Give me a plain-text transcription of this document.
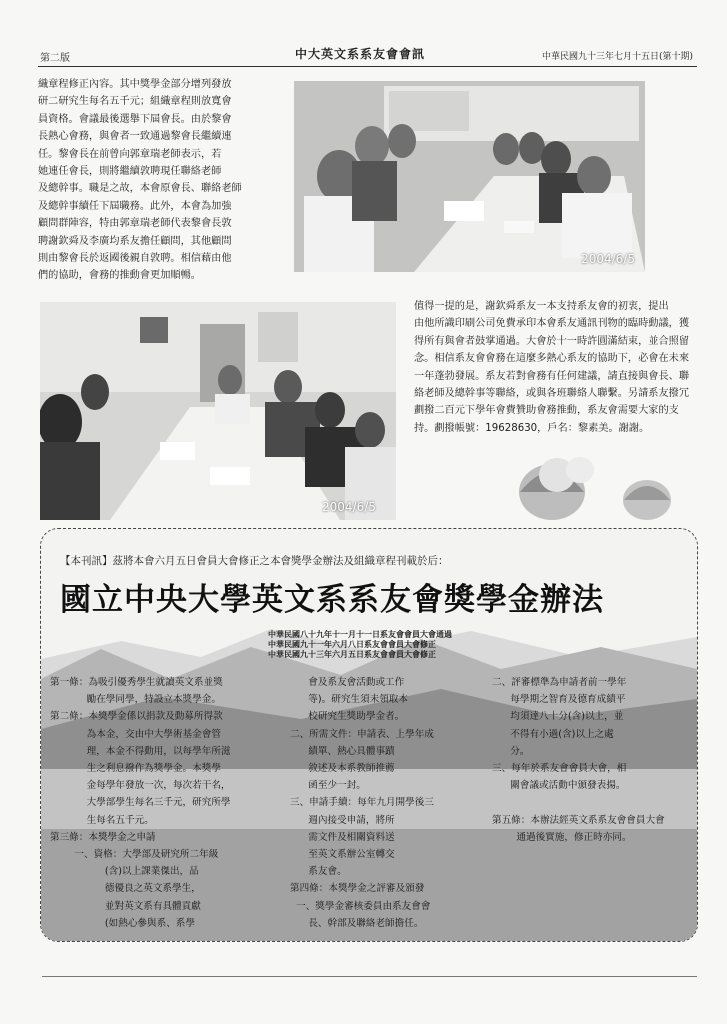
第二版	中大英文系系友會會訊	中華民國九十三年七月十五日(第十期)
織章程修正內容。其中獎學金部分增列發放
研二研究生每名五千元；組織章程則放寬會
員資格。會議最後選舉下屆會長。由於黎會
長熱心會務，與會者一致通過黎會長繼續連
任。黎會長在前曾向郭章瑞老師表示，若
她連任會長，則將繼續敦聘現任聯絡老師
及總幹事。職是之故，本會原會長、聯絡老師
及總幹事續任下屆職務。此外，本會為加強
顧問群陣容，特由郭章瑞老師代表黎會長敦
聘謝欽舜及李廣均系友擔任顧問，其他顧問
則由黎會長於返國後親自敦聘。相信藉由他
們的協助，會務的推動會更加順暢。
2004/6/5
2004/6/5
值得一提的是，謝欽舜系友一本支持系友會的初衷，提出
由他所識印刷公司免費承印本會系友通訊刊物的臨時動議，獲
得所有與會者鼓掌通過。大會於十一時許圓滿結束，並合照留
念。相信系友會會務在這麼多熱心系友的協助下，必會在未來
一年蓬勃發展。系友若對會務有任何建議，請直接與會長、聯
絡老師及總幹事等聯絡，或與各班聯絡人聯繫。另請系友撥冗
劃撥二百元下學年會費贊助會務推動，系友會需要大家的支
持。劃撥帳號：19628630，戶名：黎素美。謝謝。
【本刊訊】茲將本會六月五日會員大會修正之本會獎學金辦法及組織章程刊載於后：
國立中央大學英文系系友會獎學金辦法
中華民國八十九年十一月十一日系友會會員大會通過
中華民國九十一年六月八日系友會會員大會修正
中華民國九十三年六月五日系友會會員大會修正
第一條：為吸引優秀學生就讀英文系並獎
勵在學同學，特設立本獎學金。
第二條：本獎學金係以捐款及動募所得款
為本金，交由中大學術基金會管
理，本金不得動用，以每學年所滋
生之利息撥作為獎學金。本獎學
金每學年發放一次，每次若干名，
大學部學生每名三千元，研究所學
生每名五千元。
第三條：本獎學金之申請
一、資格：大學部及研究所二年級
(含)以上課業傑出，品
德優良之英文系學生，
並對英文系有具體貢獻
(如熱心參與系、系學
會及系友會活動或工作
等)。研究生須未領取本
校研究生獎助學金者。
二、所需文件：申請表、上學年成
績單、熱心具體事蹟
敘述及本系教師推薦
函至少一封。
三、申請手續：每年九月開學後三
週內接受申請，將所
需文件及相關資料送
至英文系辦公室轉交
系友會。
第四條：本獎學金之評審及頒發
一、獎學金審核委員由系友會會
長、幹部及聯絡老師擔任。
二、評審標準為申請者前一學年
每學期之智育及德育成績平
均須達八十分(含)以上，並
不得有小過(含)以上之處
分。
三、每年於系友會會員大會，相
關會議或活動中頒發表揚。

第五條：本辦法經英文系系友會會員大會
通過後實施，修正時亦同。
